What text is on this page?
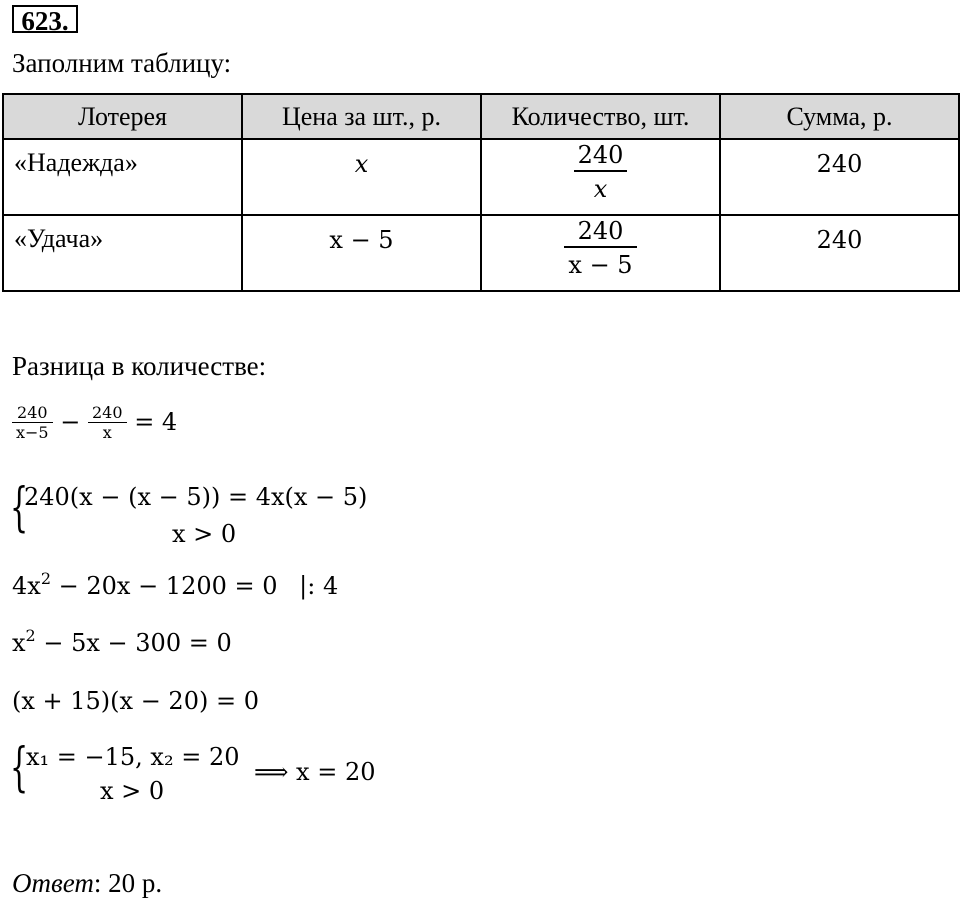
623.
Заполним таблицу:
Лотерея	Цена за шт., р.	Количество, шт.	Сумма, р.

«Надежда»	x	$\frac{240}{x}$	240

«Удача»	x − 5	$\frac{240}{x - 5}$	240
Разница в количестве:
$\frac{240}{x-5} - \frac{240}{x} = 4$
{
240(x − (x − 5)) = 4x(x − 5)
x > 0
$4x^2 - 20x - 1200 = 0$ |: 4
$x^2 - 5x - 300 = 0$
(x + 15)(x − 20) = 0
{
x₁ = −15, x₂ = 20
x > 0
⟹ x = 20
Ответ: 20 р.
